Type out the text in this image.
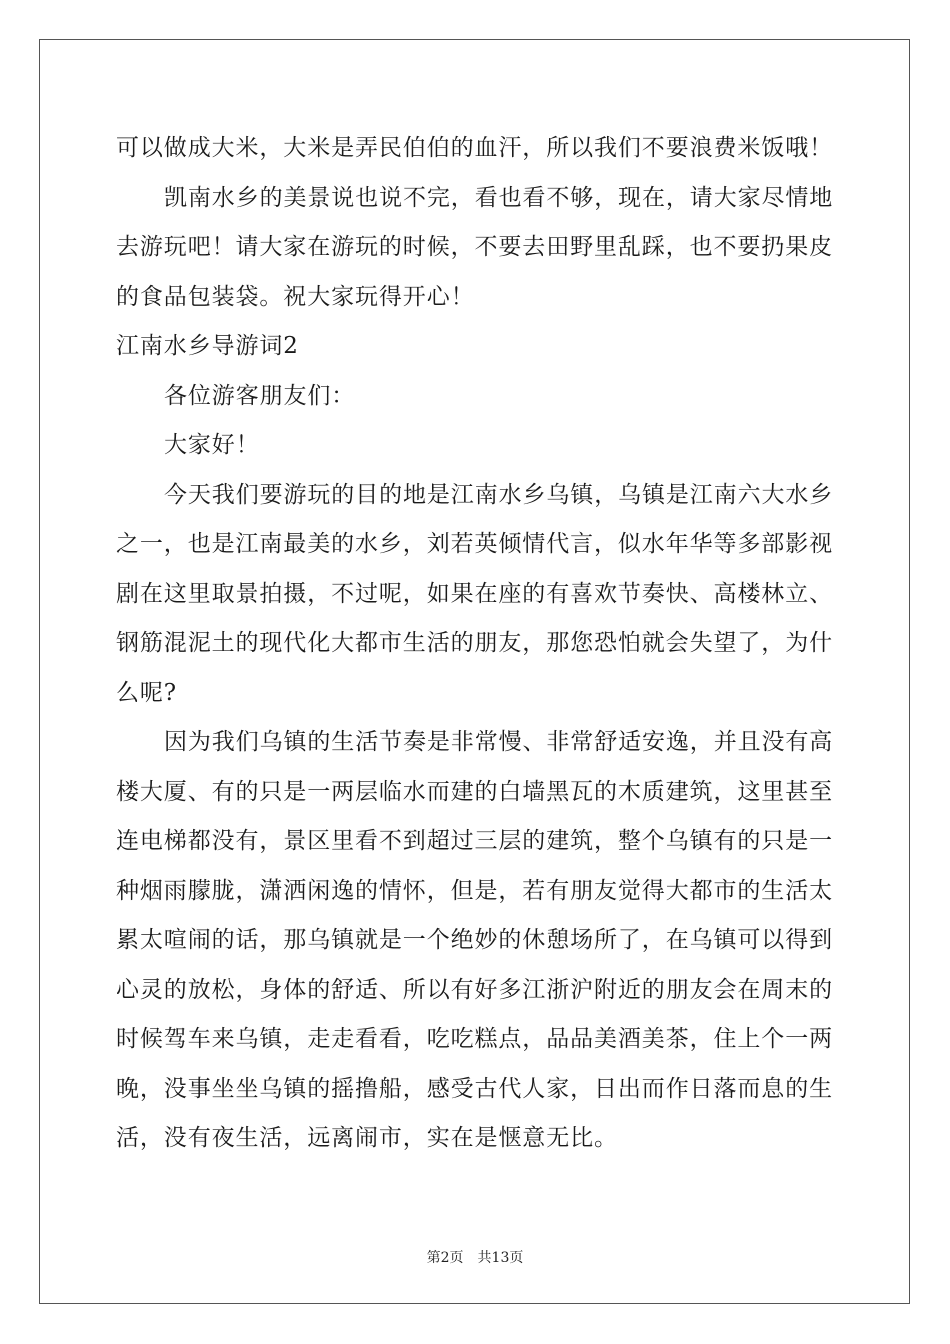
可以做成大米，大米是弄民伯伯的血汗，所以我们不要浪费米饭哦！

凯南水乡的美景说也说不完，看也看不够，现在，请大家尽情地去游玩吧！请大家在游玩的时候，不要去田野里乱踩，也不要扔果皮的食品包装袋。祝大家玩得开心！

江南水乡导游词2

各位游客朋友们：

大家好！

今天我们要游玩的目的地是江南水乡乌镇，乌镇是江南六大水乡之一，也是江南最美的水乡，刘若英倾情代言，似水年华等多部影视剧在这里取景拍摄，不过呢，如果在座的有喜欢节奏快、高楼林立、钢筋混泥土的现代化大都市生活的朋友，那您恐怕就会失望了，为什么呢?

因为我们乌镇的生活节奏是非常慢、非常舒适安逸，并且没有高楼大厦、有的只是一两层临水而建的白墙黑瓦的木质建筑，这里甚至连电梯都没有，景区里看不到超过三层的建筑，整个乌镇有的只是一种烟雨朦胧，潇洒闲逸的情怀，但是，若有朋友觉得大都市的生活太累太喧闹的话，那乌镇就是一个绝妙的休憩场所了，在乌镇可以得到心灵的放松，身体的舒适、所以有好多江浙沪附近的朋友会在周末的时候驾车来乌镇，走走看看，吃吃糕点，品品美酒美茶，住上个一两晚，没事坐坐乌镇的摇撸船，感受古代人家，日出而作日落而息的生活，没有夜生活，远离闹市，实在是惬意无比。

第2页 共13页
